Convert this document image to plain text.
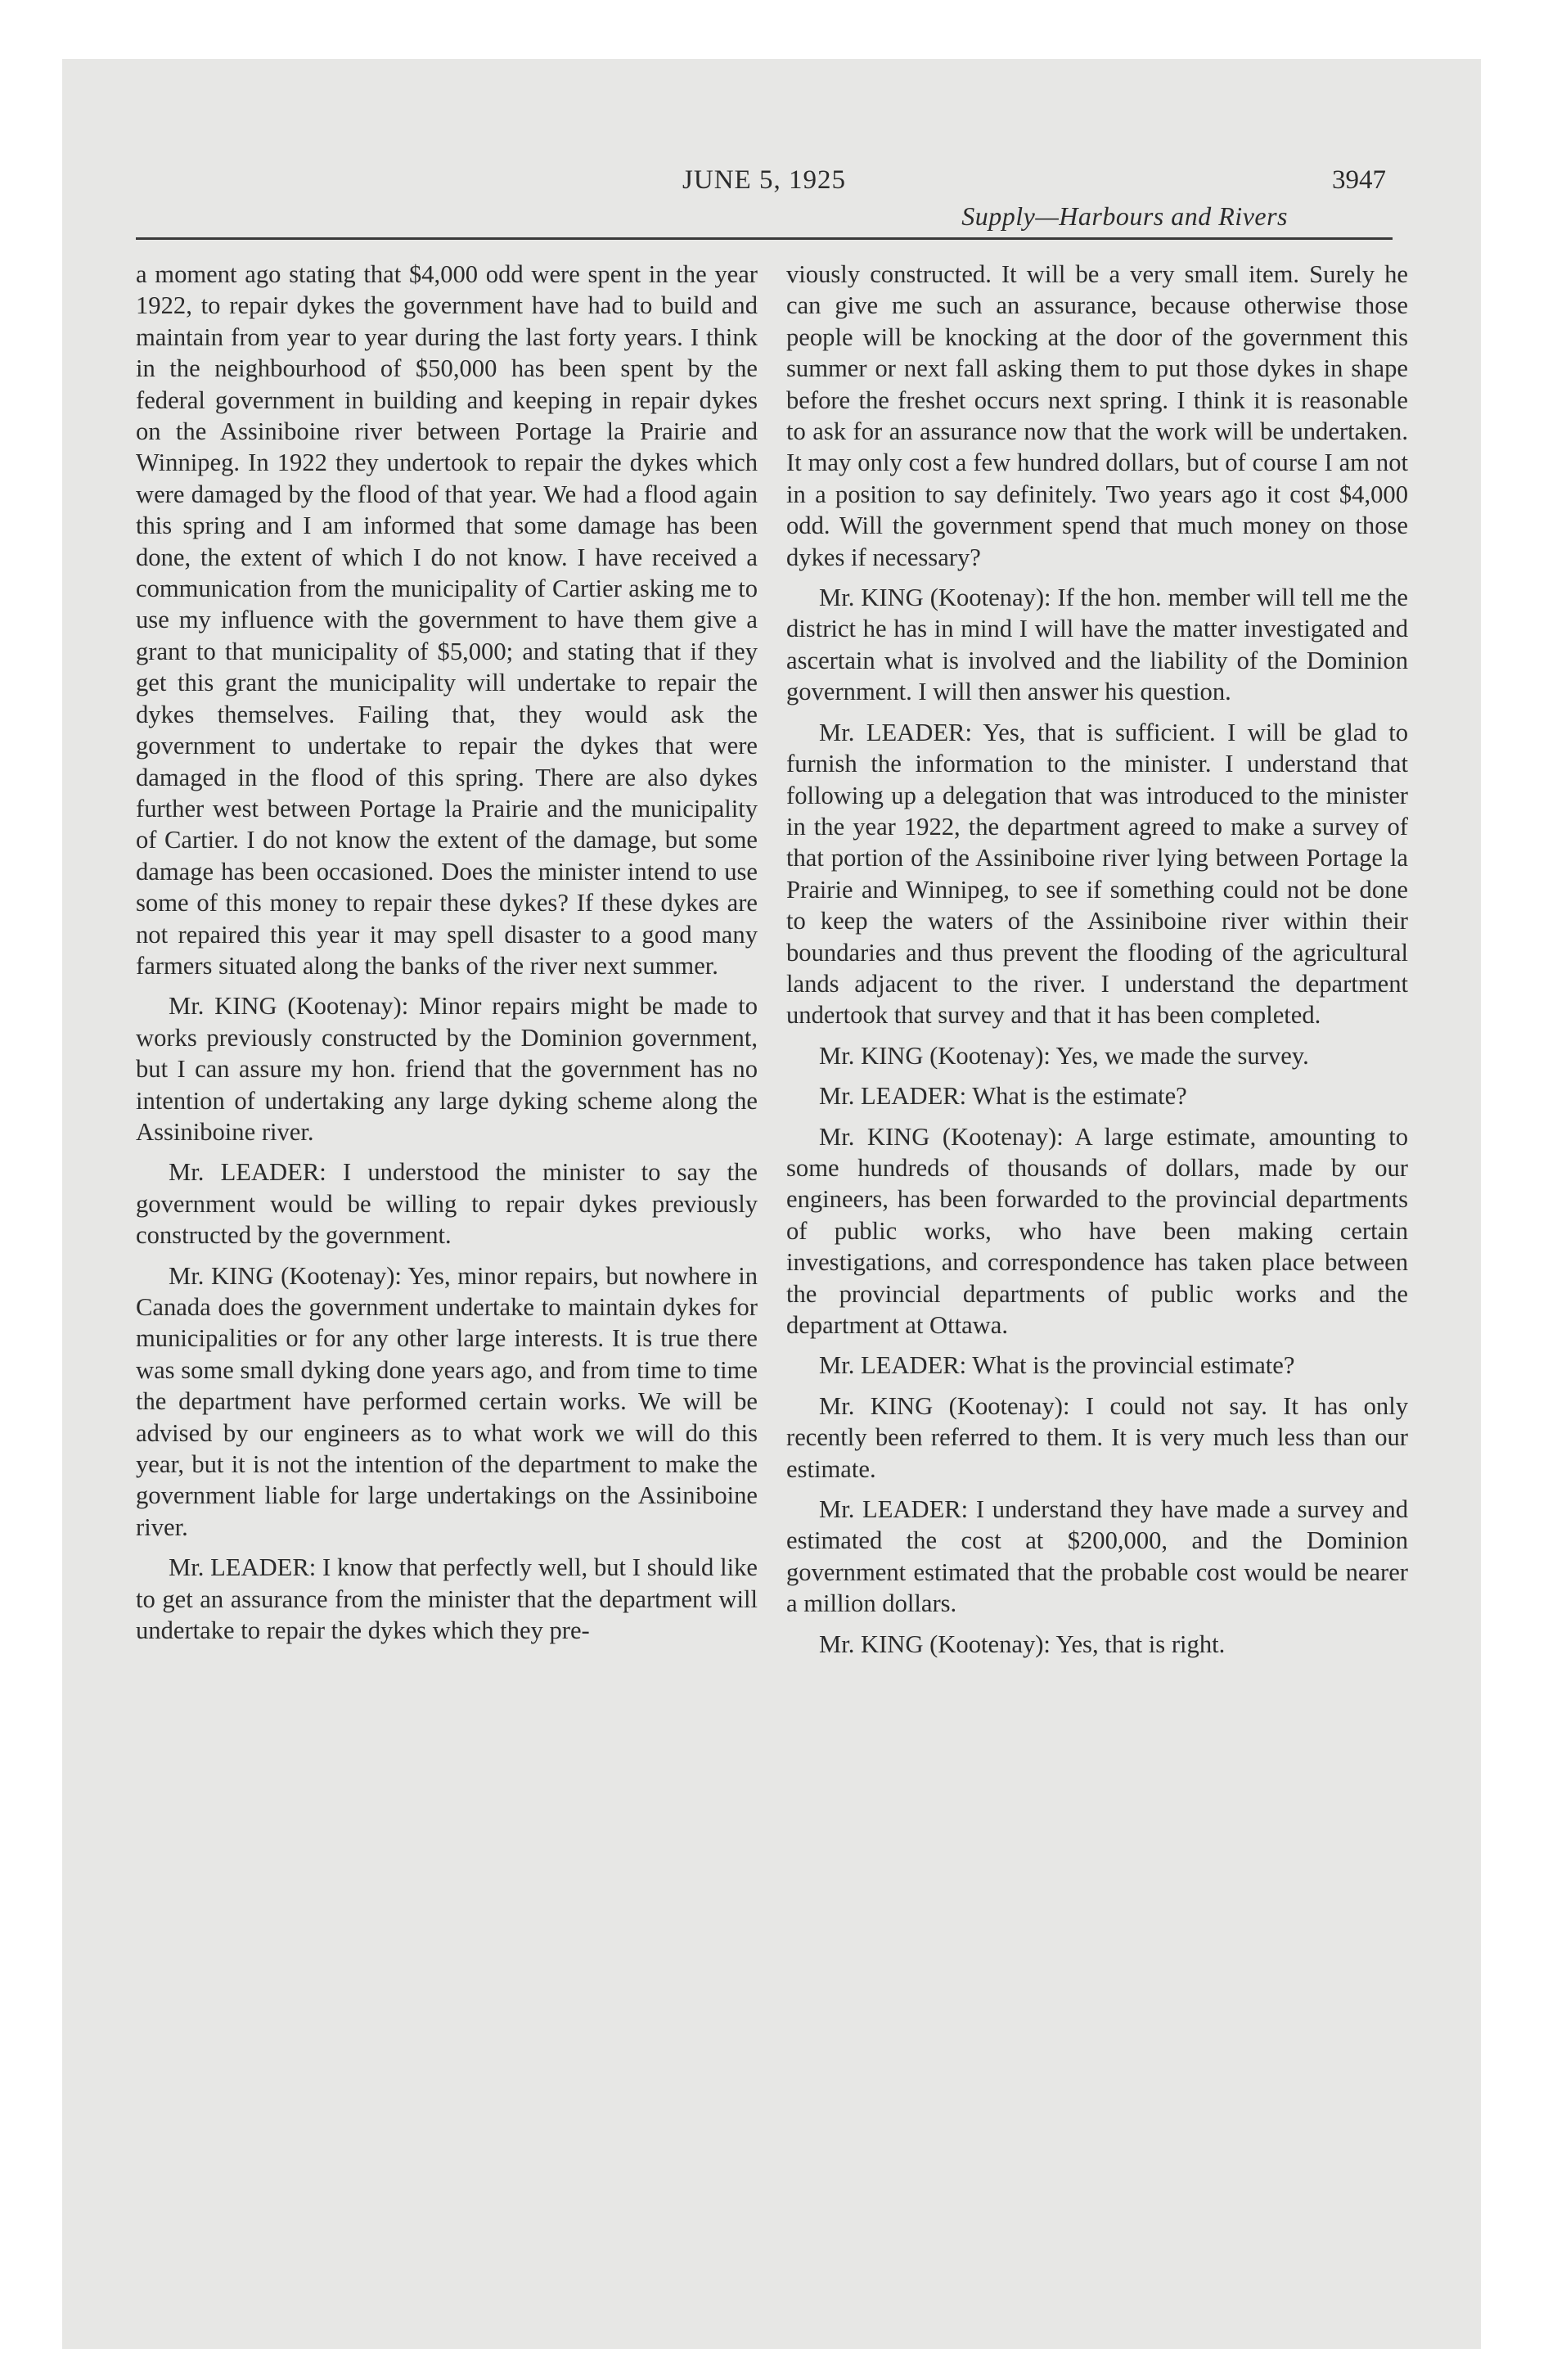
JUNE 5, 1925	3947
Supply—Harbours and Rivers

a moment ago stating that $4,000 odd were spent in the year 1922, to repair dykes the government have had to build and maintain from year to year during the last forty years. I think in the neighbourhood of $50,000 has been spent by the federal government in building and keeping in repair dykes on the Assiniboine river between Portage la Prairie and Winnipeg. In 1922 they undertook to repair the dykes which were damaged by the flood of that year. We had a flood again this spring and I am informed that some damage has been done, the extent of which I do not know. I have received a communication from the municipality of Cartier asking me to use my influence with the government to have them give a grant to that municipality of $5,000; and stating that if they get this grant the municipality will undertake to repair the dykes themselves. Failing that, they would ask the government to undertake to repair the dykes that were damaged in the flood of this spring. There are also dykes further west between Portage la Prairie and the municipality of Cartier. I do not know the extent of the damage, but some damage has been occasioned. Does the minister intend to use some of this money to repair these dykes? If these dykes are not repaired this year it may spell disaster to a good many farmers situated along the banks of the river next summer.

Mr. KING (Kootenay): Minor repairs might be made to works previously constructed by the Dominion government, but I can assure my hon. friend that the government has no intention of undertaking any large dyking scheme along the Assiniboine river.

Mr. LEADER: I understood the minister to say the government would be willing to repair dykes previously constructed by the government.

Mr. KING (Kootenay): Yes, minor repairs, but nowhere in Canada does the government undertake to maintain dykes for municipalities or for any other large interests. It is true there was some small dyking done years ago, and from time to time the department have performed certain works. We will be advised by our engineers as to what work we will do this year, but it is not the intention of the department to make the government liable for large undertakings on the Assiniboine river.

Mr. LEADER: I know that perfectly well, but I should like to get an assurance from the minister that the department will undertake to repair the dykes which they pre-

viously constructed. It will be a very small item. Surely he can give me such an assurance, because otherwise those people will be knocking at the door of the government this summer or next fall asking them to put those dykes in shape before the freshet occurs next spring. I think it is reasonable to ask for an assurance now that the work will be undertaken. It may only cost a few hundred dollars, but of course I am not in a position to say definitely. Two years ago it cost $4,000 odd. Will the government spend that much money on those dykes if necessary?

Mr. KING (Kootenay): If the hon. member will tell me the district he has in mind I will have the matter investigated and ascertain what is involved and the liability of the Dominion government. I will then answer his question.

Mr. LEADER: Yes, that is sufficient. I will be glad to furnish the information to the minister. I understand that following up a delegation that was introduced to the minister in the year 1922, the department agreed to make a survey of that portion of the Assiniboine river lying between Portage la Prairie and Winnipeg, to see if something could not be done to keep the waters of the Assiniboine river within their boundaries and thus prevent the flooding of the agricultural lands adjacent to the river. I understand the department undertook that survey and that it has been completed.

Mr. KING (Kootenay): Yes, we made the survey.

Mr. LEADER: What is the estimate?

Mr. KING (Kootenay): A large estimate, amounting to some hundreds of thousands of dollars, made by our engineers, has been forwarded to the provincial departments of public works, who have been making certain investigations, and correspondence has taken place between the provincial departments of public works and the department at Ottawa.

Mr. LEADER: What is the provincial estimate?

Mr. KING (Kootenay): I could not say. It has only recently been referred to them. It is very much less than our estimate.

Mr. LEADER: I understand they have made a survey and estimated the cost at $200,000, and the Dominion government estimated that the probable cost would be nearer a million dollars.

Mr. KING (Kootenay): Yes, that is right.
